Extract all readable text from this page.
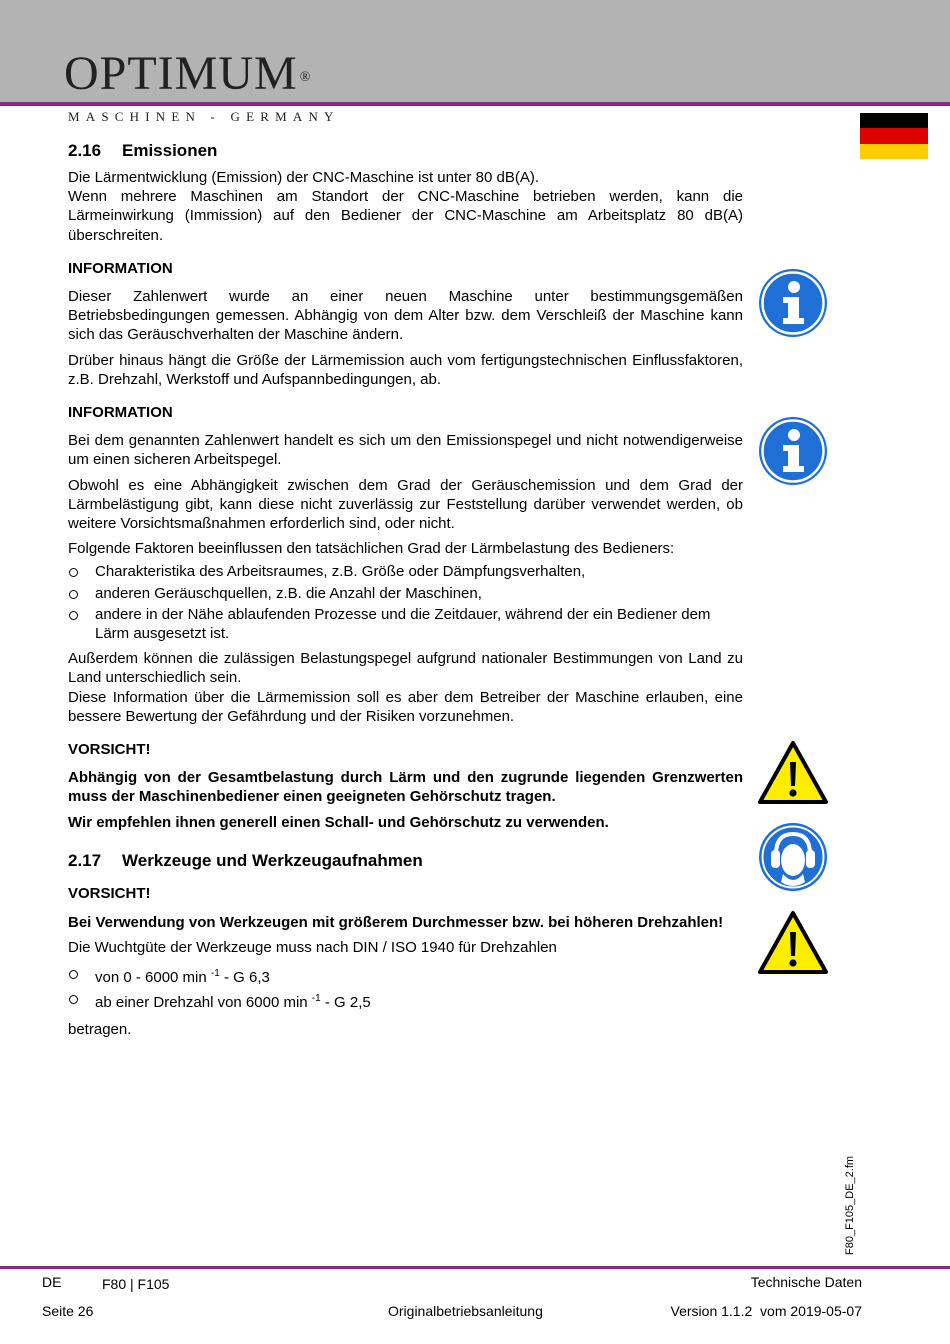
OPTIMUM ®
MASCHINEN - GERMANY
2.16 Emissionen

Die Lärmentwicklung (Emission) der CNC-Maschine ist unter 80 dB(A).

Wenn mehrere Maschinen am Standort der CNC-Maschine betrieben werden, kann die Lärmeinwirkung (Immission) auf den Bediener der CNC-Maschine am Arbeitsplatz 80 dB(A) überschreiten.

INFORMATION

Dieser Zahlenwert wurde an einer neuen Maschine unter bestimmungsgemäßen Betriebsbedingungen gemessen. Abhängig von dem Alter bzw. dem Verschleiß der Maschine kann sich das Geräuschverhalten der Maschine ändern.

Drüber hinaus hängt die Größe der Lärmemission auch vom fertigungstechnischen Einflussfaktoren, z.B. Drehzahl, Werkstoff und Aufspannbedingungen, ab.

INFORMATION

Bei dem genannten Zahlenwert handelt es sich um den Emissionspegel und nicht notwendigerweise um einen sicheren Arbeitspegel.

Obwohl es eine Abhängigkeit zwischen dem Grad der Geräuschemission und dem Grad der Lärmbelästigung gibt, kann diese nicht zuverlässig zur Feststellung darüber verwendet werden, ob weitere Vorsichtsmaßnahmen erforderlich sind, oder nicht.

Folgende Faktoren beeinflussen den tatsächlichen Grad der Lärmbelastung des Bedieners:

Charakteristika des Arbeitsraumes, z.B. Größe oder Dämpfungsverhalten,
anderen Geräuschquellen, z.B. die Anzahl der Maschinen,
andere in der Nähe ablaufenden Prozesse und die Zeitdauer, während der ein Bediener dem Lärm ausgesetzt ist.

Außerdem können die zulässigen Belastungspegel aufgrund nationaler Bestimmungen von Land zu Land unterschiedlich sein.

Diese Information über die Lärmemission soll es aber dem Betreiber der Maschine erlauben, eine bessere Bewertung der Gefährdung und der Risiken vorzunehmen.

VORSICHT!

Abhängig von der Gesamtbelastung durch Lärm und den zugrunde liegenden Grenzwerten muss der Maschinenbediener einen geeigneten Gehörschutz tragen.

Wir empfehlen ihnen generell einen Schall- und Gehörschutz zu verwenden.

2.17 Werkzeuge und Werkzeugaufnahmen

VORSICHT!

Bei Verwendung von Werkzeugen mit größerem Durchmesser bzw. bei höheren Drehzahlen!

Die Wuchtgüte der Werkzeuge muss nach DIN / ISO 1940 für Drehzahlen

von 0 - 6000 min $^{-1}$ - G 6,3
ab einer Drehzahl von 6000 min $^{-1}$ - G 2,5

betragen.

F80_F105_DE_2.fm
DE	F80 | F105	Technische Daten
Seite 26	Originalbetriebsanleitung	Version 1.1.2  vom 2019-05-07
